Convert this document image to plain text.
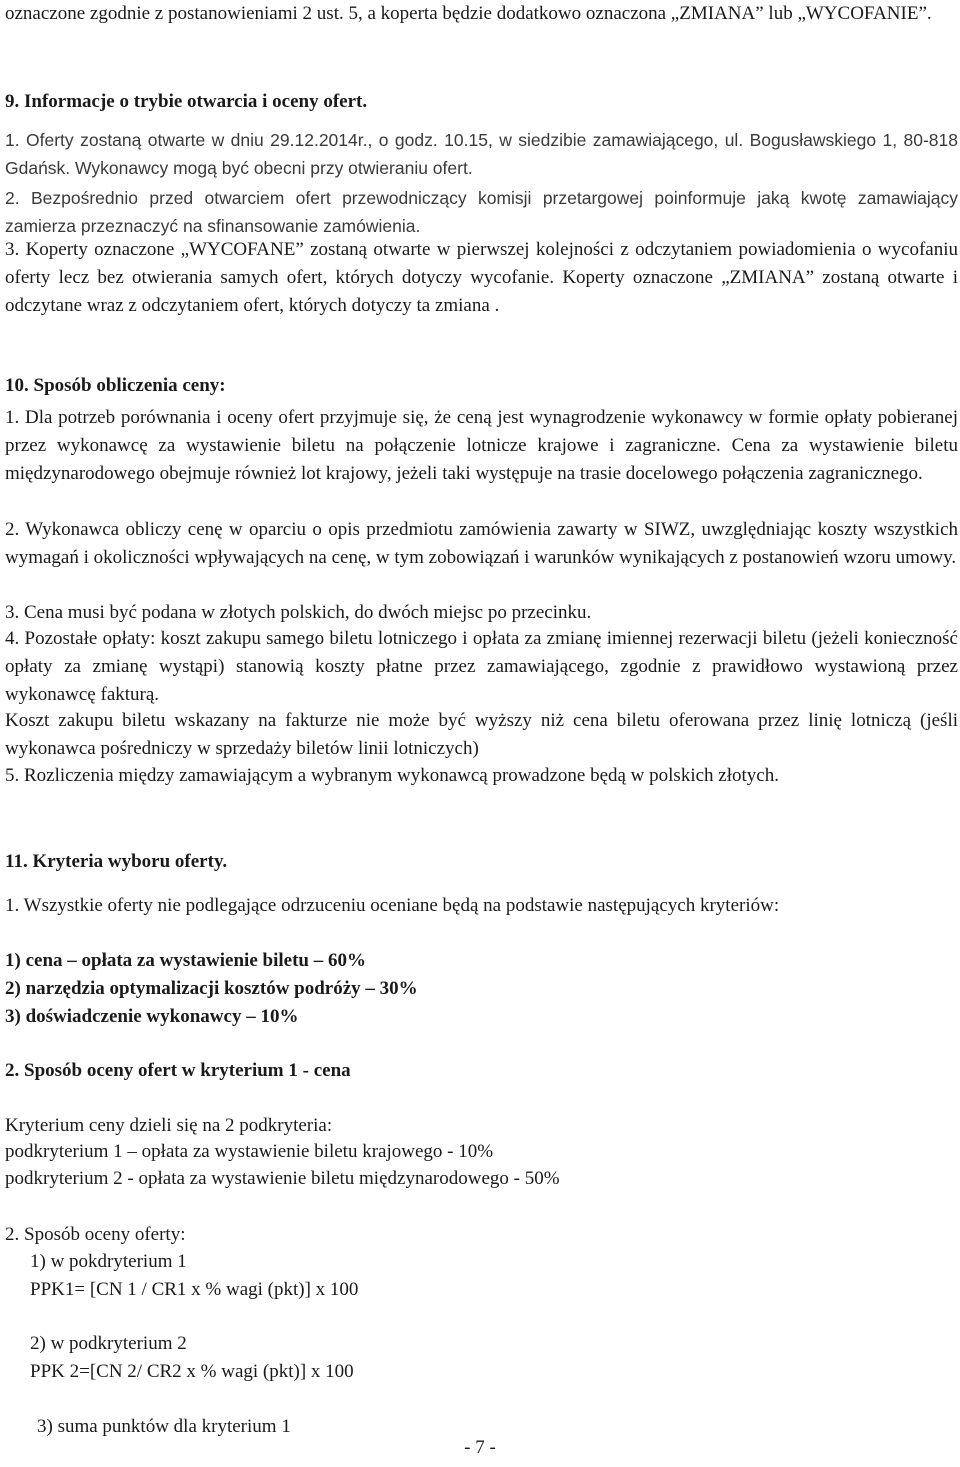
oznaczone zgodnie z postanowieniami 2 ust. 5, a koperta będzie dodatkowo oznaczona „ZMIANA” lub „WYCOFANIE”.

9. Informacje o trybie otwarcia i oceny ofert.

1. Oferty zostaną otwarte w dniu 29.12.2014r., o godz. 10.15, w siedzibie zamawiającego, ul. Bogusławskiego 1, 80-818 Gdańsk. Wykonawcy mogą być obecni przy otwieraniu ofert.

2. Bezpośrednio przed otwarciem ofert przewodniczący komisji przetargowej poinformuje jaką kwotę zamawiający zamierza przeznaczyć na sfinansowanie zamówienia.

3. Koperty oznaczone „WYCOFANE” zostaną otwarte w pierwszej kolejności z odczytaniem powiadomienia o wycofaniu oferty lecz bez otwierania samych ofert, których dotyczy wycofanie. Koperty oznaczone „ZMIANA” zostaną otwarte i odczytane wraz z odczytaniem ofert, których dotyczy ta zmiana .

10. Sposób obliczenia ceny:

1. Dla potrzeb porównania i oceny ofert przyjmuje się, że ceną jest wynagrodzenie wykonawcy w formie opłaty pobieranej przez wykonawcę za wystawienie biletu na połączenie lotnicze krajowe i zagraniczne. Cena za wystawienie biletu międzynarodowego obejmuje również lot krajowy, jeżeli taki występuje na trasie docelowego połączenia zagranicznego.

2. Wykonawca obliczy cenę w oparciu o opis przedmiotu zamówienia zawarty w SIWZ, uwzględniając koszty wszystkich wymagań i okoliczności wpływających na cenę, w tym zobowiązań i warunków wynikających z postanowień wzoru umowy.

3. Cena musi być podana w złotych polskich, do dwóch miejsc po przecinku.

4. Pozostałe opłaty: koszt zakupu samego biletu lotniczego i opłata za zmianę imiennej rezerwacji biletu (jeżeli konieczność opłaty za zmianę wystąpi) stanowią koszty płatne przez zamawiającego, zgodnie z prawidłowo wystawioną przez wykonawcę fakturą.

Koszt zakupu biletu wskazany na fakturze nie może być wyższy niż cena biletu oferowana przez linię lotniczą (jeśli wykonawca pośredniczy w sprzedaży biletów linii lotniczych)

5. Rozliczenia między zamawiającym a wybranym wykonawcą prowadzone będą w polskich złotych.

11. Kryteria wyboru oferty.

1. Wszystkie oferty nie podlegające odrzuceniu oceniane będą na podstawie następujących kryteriów:

1) cena – opłata za wystawienie biletu – 60%

2) narzędzia optymalizacji kosztów podróży – 30%

3) doświadczenie wykonawcy – 10%

2. Sposób oceny ofert w kryterium 1 - cena

Kryterium ceny dzieli się na 2 podkryteria:

podkryterium 1 – opłata za wystawienie biletu krajowego - 10%

podkryterium 2 - opłata za wystawienie biletu międzynarodowego - 50%

2. Sposób oceny oferty:

1) w pokdryterium 1

PPK1= [CN 1 / CR1 x % wagi (pkt)] x 100

2) w podkryterium 2

PPK 2=[CN 2/ CR2 x % wagi (pkt)] x 100

3) suma punktów dla kryterium 1

- 7 -
